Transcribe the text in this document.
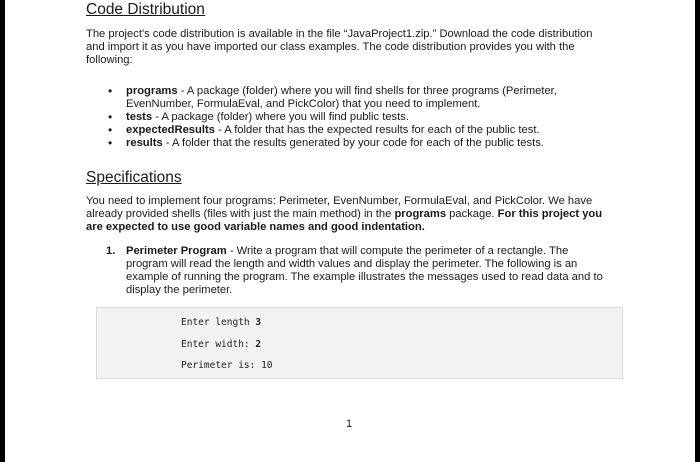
Code Distribution

The project's code distribution is available in the file “JavaProject1.zip.” Download the code distribution and import it as you have imported our class examples. The code distribution provides you with the following:

• programs - A package (folder) where you will find shells for three programs (Perimeter, EvenNumber, FormulaEval, and PickColor) that you need to implement.
• tests - A package (folder) where you will find public tests.
• expectedResults - A folder that has the expected results for each of the public test.
• results - A folder that the results generated by your code for each of the public tests.
Specifications

You need to implement four programs: Perimeter, EvenNumber, FormulaEval, and PickColor. We have already provided shells (files with just the main method) in the programs package. For this project you are expected to use good variable names and good indentation.

1. Perimeter Program - Write a program that will compute the perimeter of a rectangle. The program will read the length and width values and display the perimeter. The following is an example of running the program. The example illustrates the messages used to read data and to display the perimeter.
Enter length 3
Enter width: 2
Perimeter is: 10
1
